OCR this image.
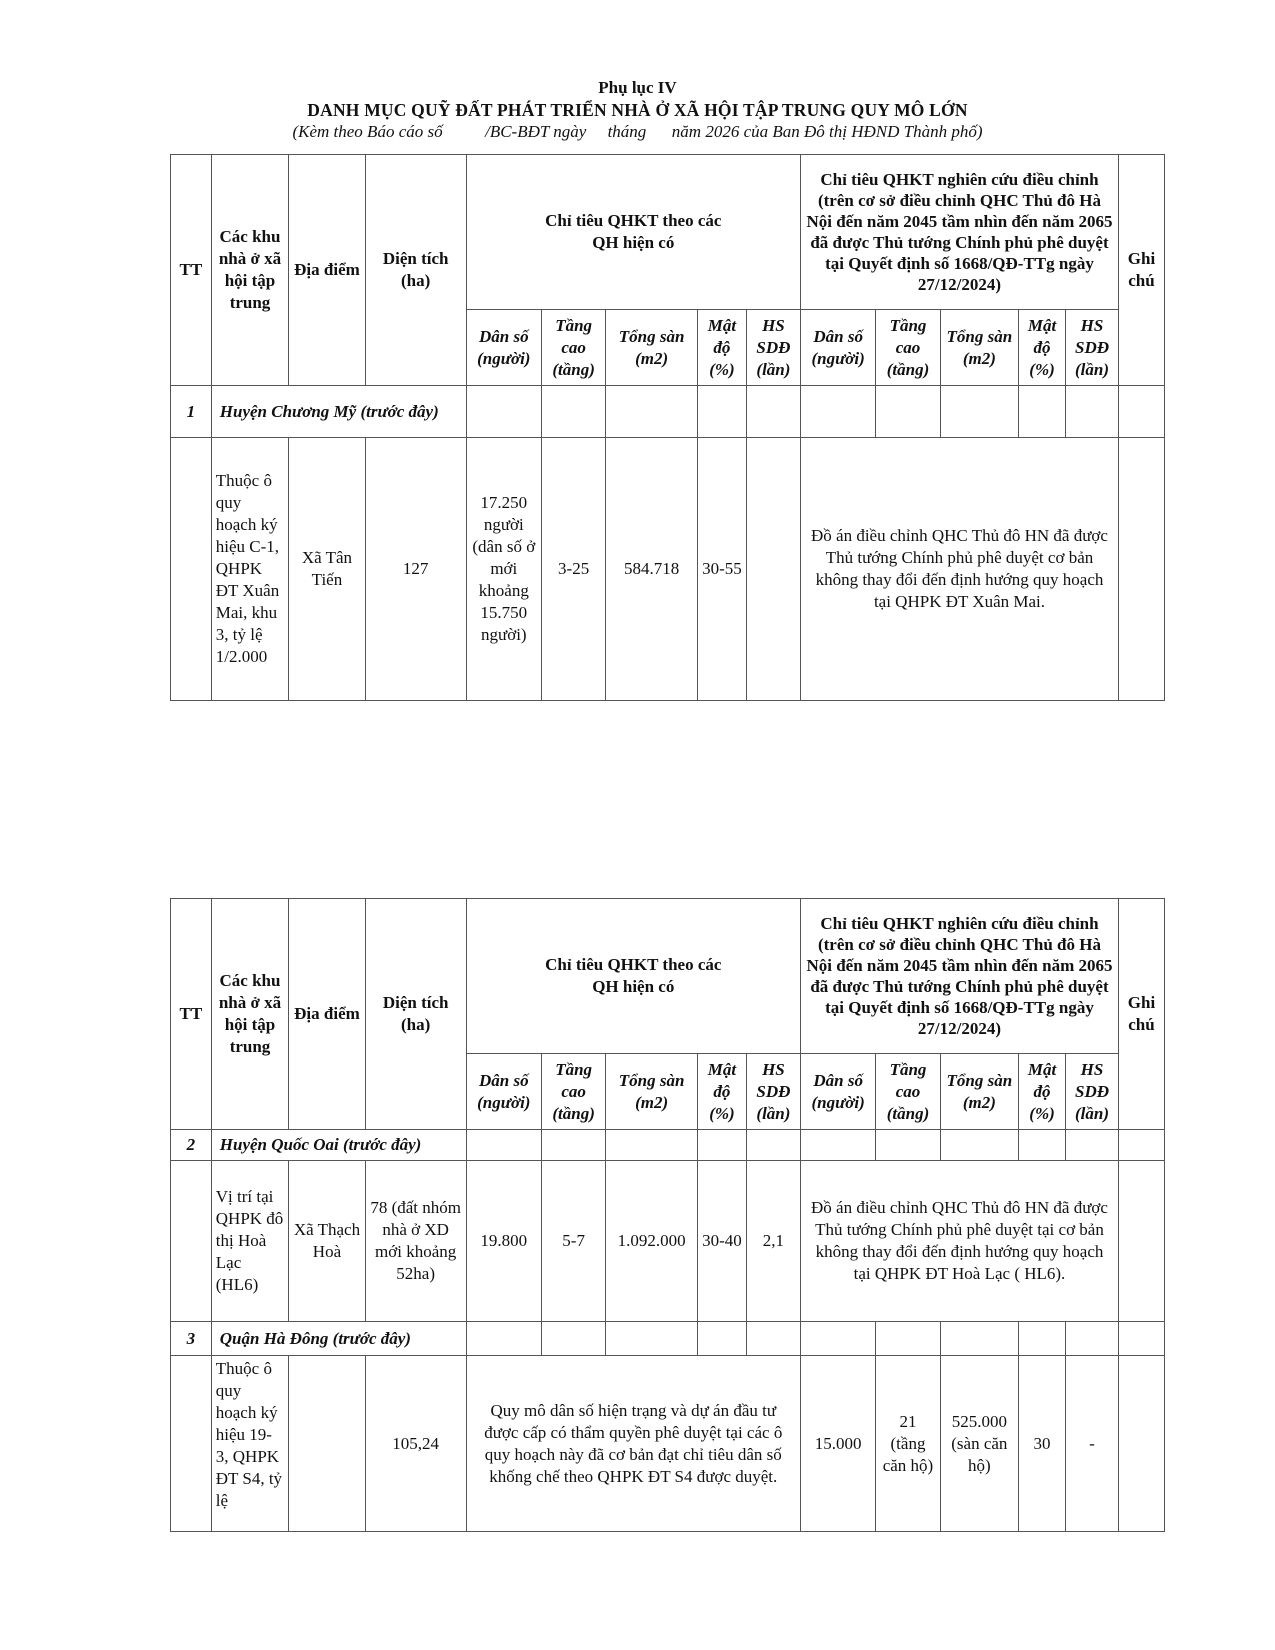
Phụ lục IV
DANH MỤC QUỸ ĐẤT PHÁT TRIỂN NHÀ Ở XÃ HỘI TẬP TRUNG QUY MÔ LỚN
(Kèm theo Báo cáo số          /BC-BĐT ngày     tháng      năm 2026 của Ban Đô thị HĐND Thành phố)
TT	Các khu nhà ở xã hội tập trung	Địa điểm	Diện tích (ha)	Chỉ tiêu QHKT theo các QH hiện có					Chỉ tiêu QHKT nghiên cứu điều chỉnh (trên cơ sở điều chỉnh QHC Thủ đô Hà Nội đến năm 2045 tầm nhìn đến năm 2065 đã được Thủ tướng Chính phủ phê duyệt tại Quyết định số 1668/QĐ-TTg ngày 27/12/2024)					Ghi chú
				Dân số (người)	Tầng cao (tầng)	Tổng sàn (m2)	Mật độ (%)	HS SDĐ (lần)	Dân số (người)	Tầng cao (tầng)	Tổng sàn (m2)	Mật độ (%)	HS SDĐ (lần)	
1	Huyện Chương Mỹ (trước đây)													
	Thuộc ô quy hoạch ký hiệu C-1, QHPK ĐT Xuân Mai, khu 3, tỷ lệ 1/2.000	Xã Tân Tiến	127	17.250 người (dân số ở mới khoảng 15.750 người)	3-25	584.718	30-55		Đồ án điều chỉnh QHC Thủ đô HN đã được Thủ tướng Chính phủ phê duyệt cơ bản không thay đổi đến định hướng quy hoạch tại QHPK ĐT Xuân Mai.					
TT	Các khu nhà ở xã hội tập trung	Địa điểm	Diện tích (ha)	Chỉ tiêu QHKT theo các QH hiện có					Chỉ tiêu QHKT nghiên cứu điều chỉnh (trên cơ sở điều chỉnh QHC Thủ đô Hà Nội đến năm 2045 tầm nhìn đến năm 2065 đã được Thủ tướng Chính phủ phê duyệt tại Quyết định số 1668/QĐ-TTg ngày 27/12/2024)					Ghi chú
				Dân số (người)	Tầng cao (tầng)	Tổng sàn (m2)	Mật độ (%)	HS SDĐ (lần)	Dân số (người)	Tầng cao (tầng)	Tổng sàn (m2)	Mật độ (%)	HS SDĐ (lần)	
2	Huyện Quốc Oai (trước đây)													
	Vị trí tại QHPK đô thị Hoà Lạc (HL6)	Xã Thạch Hoà	78 (đất nhóm nhà ở XD mới khoảng 52ha)	19.800	5-7	1.092.000	30-40	2,1	Đồ án điều chỉnh QHC Thủ đô HN đã được Thủ tướng Chính phủ phê duyệt tại cơ bản không thay đổi đến định hướng quy hoạch tại QHPK ĐT Hoà Lạc ( HL6).					
3	Quận Hà Đông (trước đây)													
	Thuộc ô quy hoạch ký hiệu 19-3, QHPK ĐT S4, tỷ lệ		105,24	Quy mô dân số hiện trạng và dự án đầu tư được cấp có thẩm quyền phê duyệt tại các ô quy hoạch này đã cơ bản đạt chỉ tiêu dân số khống chế theo QHPK ĐT S4 được duyệt.					15.000	21 (tầng căn hộ)	525.000 (sàn căn hộ)	30	-	
